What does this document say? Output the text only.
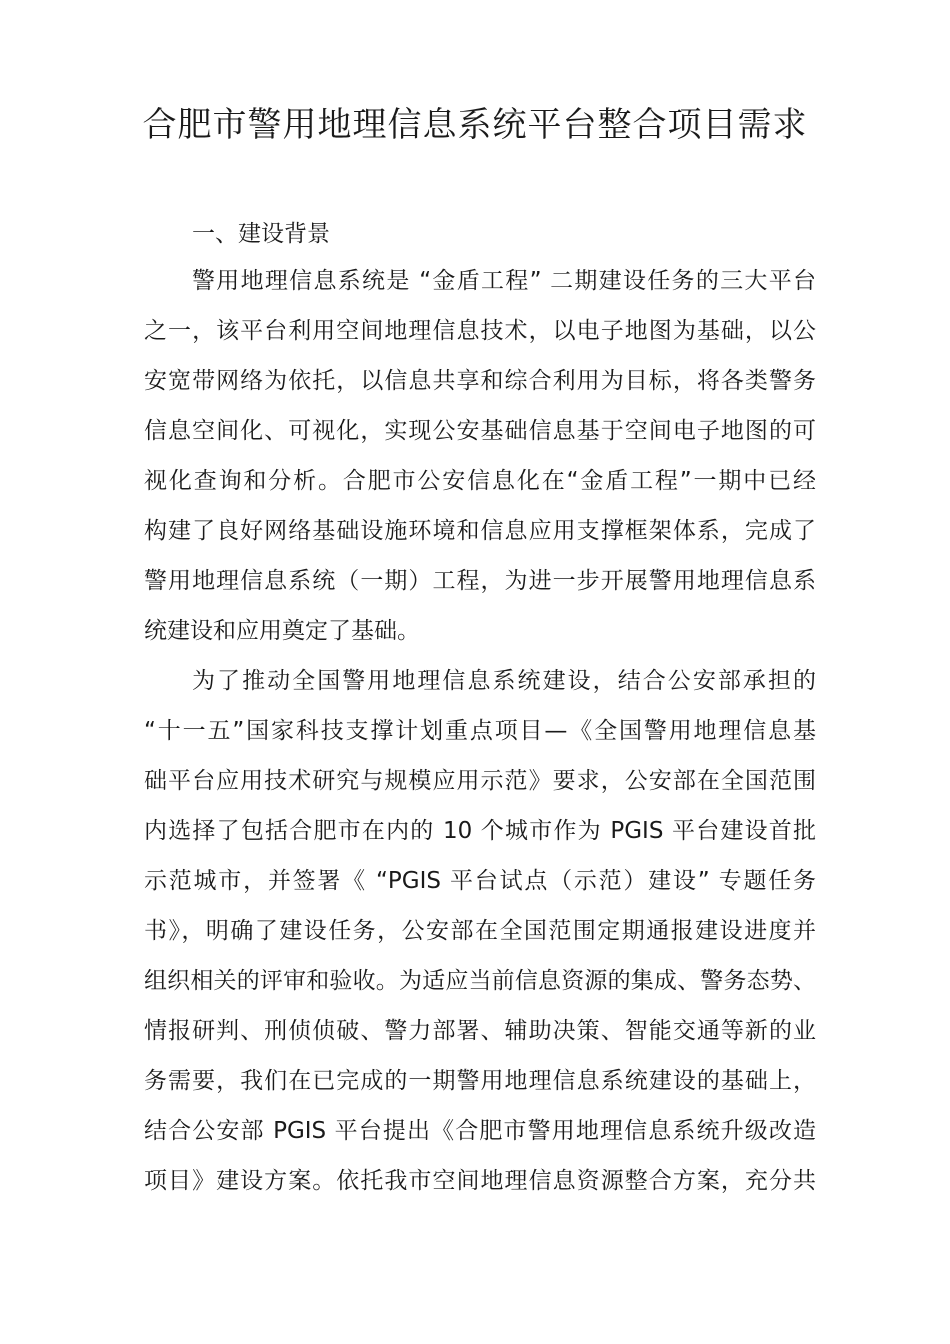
合肥市警用地理信息系统平台整合项目需求
一、建设背景

警用地理信息系统是 “金盾工程” 二期建设任务的三大平台
之一，该平台利用空间地理信息技术，以电子地图为基础，以公
安宽带网络为依托，以信息共享和综合利用为目标，将各类警务
信息空间化、可视化，实现公安基础信息基于空间电子地图的可
视化查询和分析。合肥市公安信息化在“金盾工程”一期中已经
构建了良好网络基础设施环境和信息应用支撑框架体系，完成了
警用地理信息系统（一期）工程，为进一步开展警用地理信息系
统建设和应用奠定了基础。

为了推动全国警用地理信息系统建设，结合公安部承担的
“十一五”国家科技支撑计划重点项目—《全国警用地理信息基
础平台应用技术研究与规模应用示范》要求，公安部在全国范围
内选择了包括合肥市在内的 10 个城市作为 PGIS 平台建设首批
示范城市，并签署《 “PGIS 平台试点（示范）建设” 专题任务
书》，明确了建设任务，公安部在全国范围定期通报建设进度并
组织相关的评审和验收。为适应当前信息资源的集成、警务态势、
情报研判、刑侦侦破、警力部署、辅助决策、智能交通等新的业
务需要，我们在已完成的一期警用地理信息系统建设的基础上，
结合公安部 PGIS 平台提出《合肥市警用地理信息系统升级改造
项目》建设方案。依托我市空间地理信息资源整合方案，充分共
